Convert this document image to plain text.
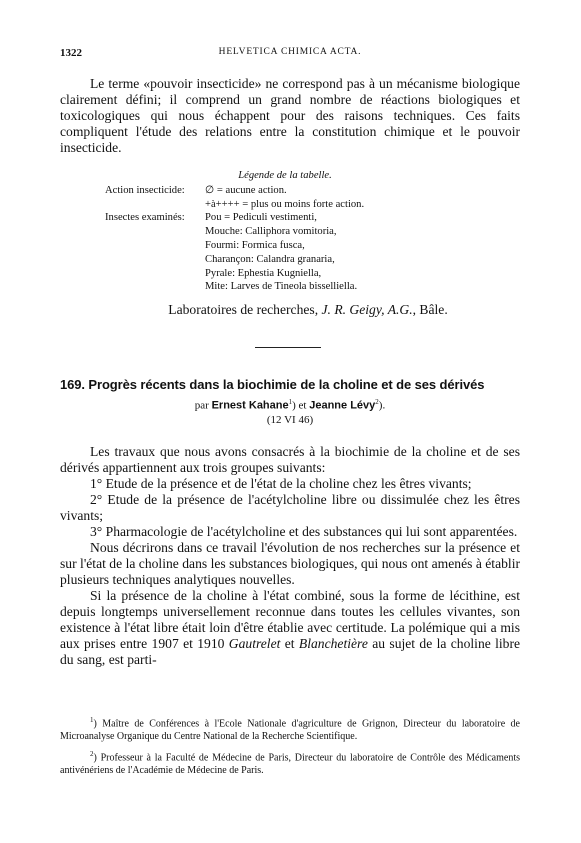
1322	HELVETICA CHIMICA ACTA.
Le terme «pouvoir insecticide» ne correspond pas à un mécanisme biologique clairement défini; il comprend un grand nombre de réactions biologiques et toxicologiques qui nous échappent pour des raisons techniques. Ces faits compliquent l'étude des relations entre la constitution chimique et le pouvoir insecticide.
Légende de la tabelle.
Action insecticide:	∅ = aucune action.
+à++++ = plus ou moins forte action.
Insectes examinés:	Pou = Pediculi vestimenti,
Mouche: Calliphora vomitoria,
Fourmi: Formica fusca,
Charançon: Calandra granaria,
Pyrale: Ephestia Kugniella,
Mite: Larves de Tineola bisselliella.
Laboratoires de recherches, J. R. Geigy, A.G., Bâle.
169. Progrès récents dans la biochimie de la choline et de ses dérivés
par Ernest Kahane$^1$) et Jeanne Lévy$^2$).
(12 VI 46)

Les travaux que nous avons consacrés à la biochimie de la choline et de ses dérivés appartiennent aux trois groupes suivants:

1° Etude de la présence et de l'état de la choline chez les êtres vivants;

2° Etude de la présence de l'acétylcholine libre ou dissimulée chez les êtres vivants;

3° Pharmacologie de l'acétylcholine et des substances qui lui sont apparentées.

Nous décrirons dans ce travail l'évolution de nos recherches sur la présence et sur l'état de la choline dans les substances biologiques, qui nous ont amenés à établir plusieurs techniques analytiques nouvelles.

Si la présence de la choline à l'état combiné, sous la forme de lécithine, est depuis longtemps universellement reconnue dans toutes les cellules vivantes, son existence à l'état libre était loin d'être établie avec certitude. La polémique qui a mis aux prises entre 1907 et 1910 Gautrelet et Blanchetière au sujet de la choline libre du sang, est parti-

$^1$) Maître de Conférences à l'Ecole Nationale d'agriculture de Grignon, Directeur du laboratoire de Microanalyse Organique du Centre National de la Recherche Scientifique.

$^2$) Professeur à la Faculté de Médecine de Paris, Directeur du laboratoire de Contrôle des Médicaments antivénériens de l'Académie de Médecine de Paris.
